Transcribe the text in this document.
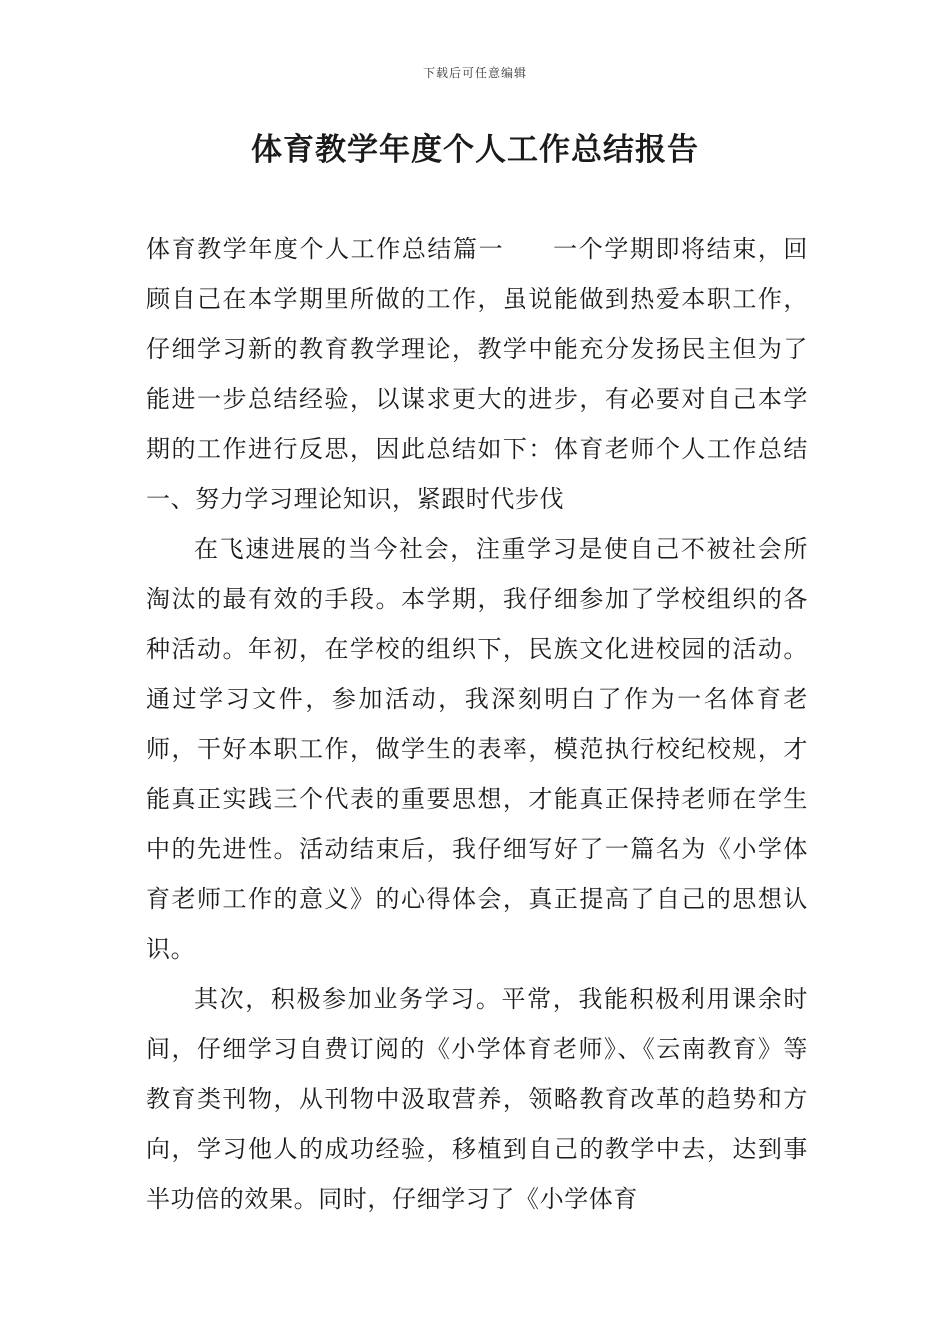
下载后可任意编辑
体育教学年度个人工作总结报告

体育教学年度个人工作总结篇一 一个学期即将结束，回顾自己在本学期里所做的工作，虽说能做到热爱本职工作，仔细学习新的教育教学理论，教学中能充分发扬民主但为了能进一步总结经验，以谋求更大的进步，有必要对自己本学期的工作进行反思，因此总结如下：体育老师个人工作总结一、努力学习理论知识，紧跟时代步伐

在飞速进展的当今社会，注重学习是使自己不被社会所淘汰的最有效的手段。本学期，我仔细参加了学校组织的各种活动。年初，在学校的组织下，民族文化进校园的活动。通过学习文件，参加活动，我深刻明白了作为一名体育老师，干好本职工作，做学生的表率，模范执行校纪校规，才能真正实践三个代表的重要思想，才能真正保持老师在学生中的先进性。活动结束后，我仔细写好了一篇名为《小学体育老师工作的意义》的心得体会，真正提高了自己的思想认识。

其次，积极参加业务学习。平常，我能积极利用课余时间，仔细学习自费订阅的《小学体育老师》、《云南教育》等教育类刊物，从刊物中汲取营养，领略教育改革的趋势和方向，学习他人的成功经验，移植到自己的教学中去，达到事半功倍的效果。同时，仔细学习了《小学体育
